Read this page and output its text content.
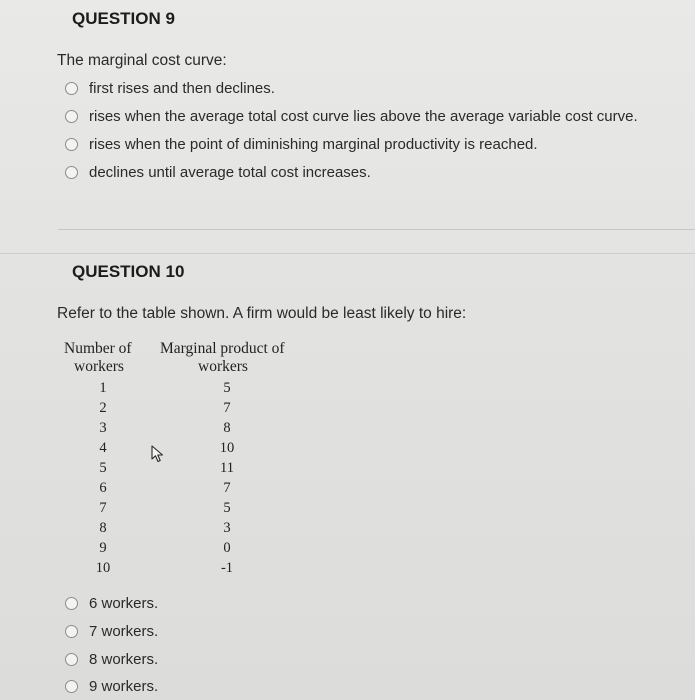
QUESTION 9
The marginal cost curve:
first rises and then declines.
rises when the average total cost curve lies above the average variable cost curve.
rises when the point of diminishing marginal productivity is reached.
declines until average total cost increases.
QUESTION 10
Refer to the table shown. A firm would be least likely to hire:
Number of
workers
Marginal product of
workers
1
2
3
4
5
6
7
8
9
10
5
7
8
10
11
7
5
3
0
-1
6 workers.
7 workers.
8 workers.
9 workers.
